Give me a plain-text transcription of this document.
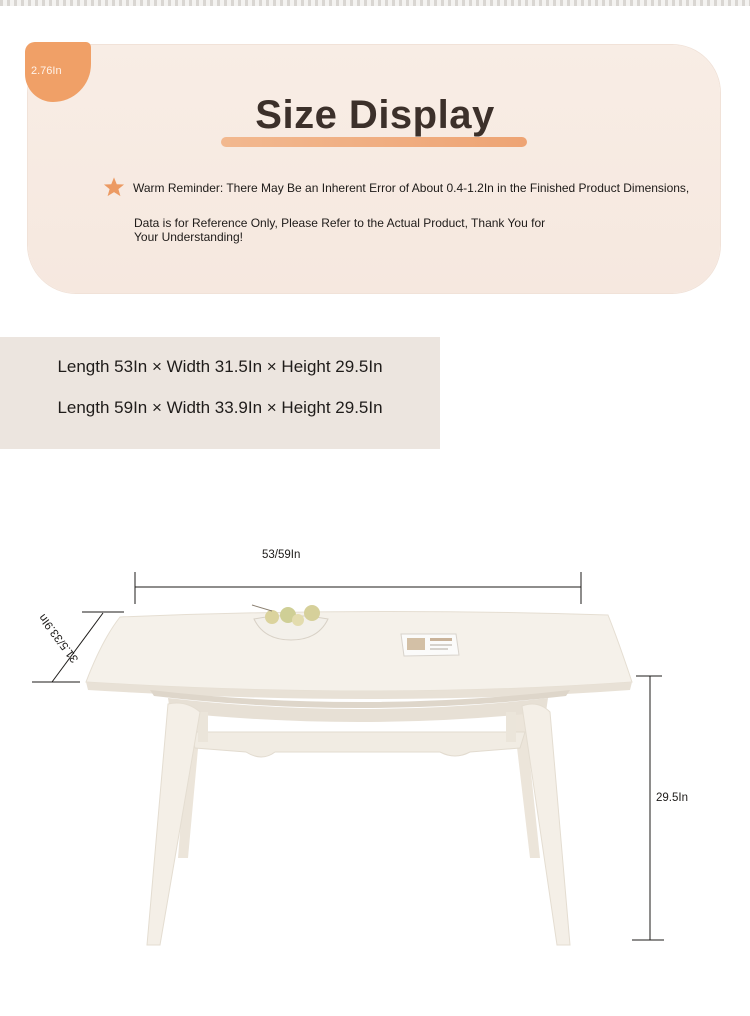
2.76In
Size Display
Warm Reminder: There May Be an Inherent Error of About 0.4-1.2In in the Finished Product Dimensions,
Data is for Reference Only, Please Refer to the Actual Product, Thank You for
Your Understanding!
Length 53In × Width 31.5In × Height 29.5In
Length 59In × Width 33.9In × Height 29.5In
53/59In
29.5In
31.5/33.9In
